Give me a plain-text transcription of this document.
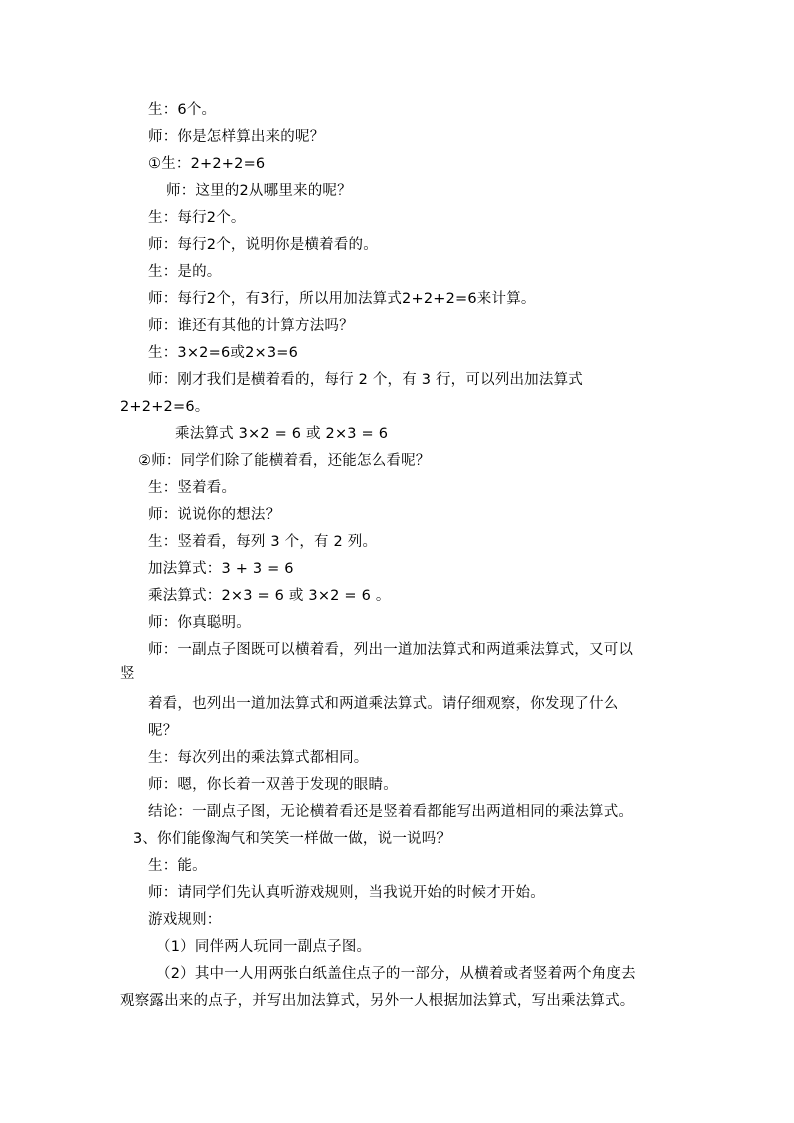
生：6个。
师：你是怎样算出来的呢？
①生：2+2+2=6
师：这里的2从哪里来的呢？
生：每行2个。
师：每行2个，说明你是横着看的。
生：是的。
师：每行2个，有3行，所以用加法算式2+2+2=6来计算。
师：谁还有其他的计算方法吗？
生：3×2=6或2×3=6
师：刚才我们是横着看的，每行 2 个，有 3 行，可以列出加法算式
2+2+2=6。
乘法算式 3×2 = 6 或 2×3 = 6
②师：同学们除了能横着看，还能怎么看呢？
生：竖着看。
师：说说你的想法？
生：竖着看，每列 3 个，有 2 列。
加法算式：3 + 3 = 6
乘法算式：2×3 = 6 或 3×2 = 6 。
师：你真聪明。
师：一副点子图既可以横着看，列出一道加法算式和两道乘法算式，又可以
竖
着看，也列出一道加法算式和两道乘法算式。请仔细观察，你发现了什么
呢？
生：每次列出的乘法算式都相同。
师：嗯，你长着一双善于发现的眼睛。
结论：一副点子图，无论横着看还是竖着看都能写出两道相同的乘法算式。
3、你们能像淘气和笑笑一样做一做，说一说吗？
生：能。
师：请同学们先认真听游戏规则，当我说开始的时候才开始。
游戏规则：
（1）同伴两人玩同一副点子图。
（2）其中一人用两张白纸盖住点子的一部分，从横着或者竖着两个角度去
观察露出来的点子，并写出加法算式，另外一人根据加法算式，写出乘法算式。
